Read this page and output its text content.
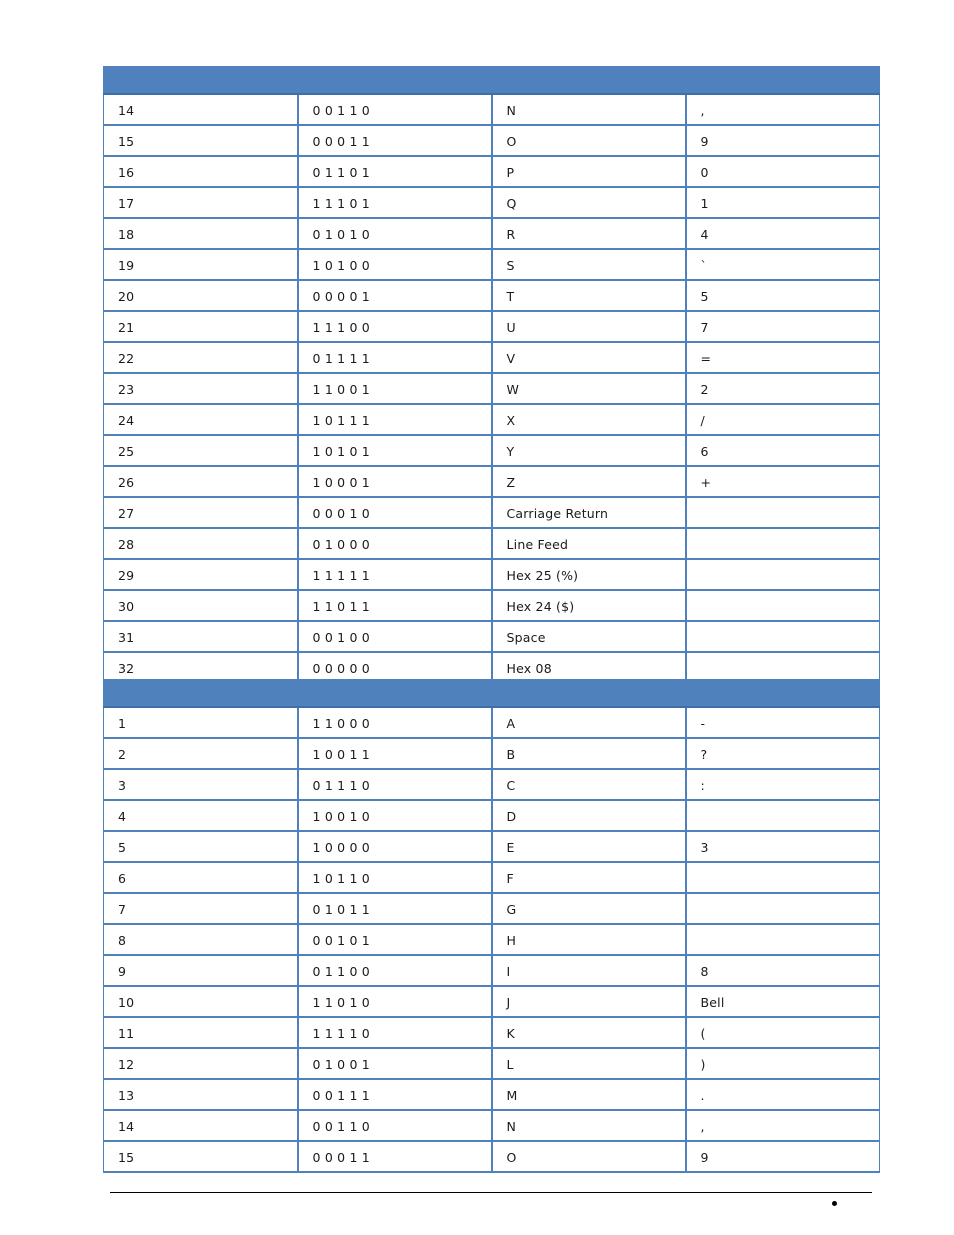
14	0 0 1 1 0	N	,
15	0 0 0 1 1	O	9
16	0 1 1 0 1	P	0
17	1 1 1 0 1	Q	1
18	0 1 0 1 0	R	4
19	1 0 1 0 0	S	`
20	0 0 0 0 1	T	5
21	1 1 1 0 0	U	7
22	0 1 1 1 1	V	=
23	1 1 0 0 1	W	2
24	1 0 1 1 1	X	/
25	1 0 1 0 1	Y	6
26	1 0 0 0 1	Z	+
27	0 0 0 1 0	Carriage Return	
28	0 1 0 0 0	Line Feed	
29	1 1 1 1 1	Hex 25 (%)	
30	1 1 0 1 1	Hex 24 ($)	
31	0 0 1 0 0	Space	
32	0 0 0 0 0	Hex 08	

1	1 1 0 0 0	A	-
2	1 0 0 1 1	B	?
3	0 1 1 1 0	C	:
4	1 0 0 1 0	D	
5	1 0 0 0 0	E	3
6	1 0 1 1 0	F	
7	0 1 0 1 1	G	
8	0 0 1 0 1	H	
9	0 1 1 0 0	I	8
10	1 1 0 1 0	J	Bell
11	1 1 1 1 0	K	(
12	0 1 0 0 1	L	)
13	0 0 1 1 1	M	.
14	0 0 1 1 0	N	,
15	0 0 0 1 1	O	9
